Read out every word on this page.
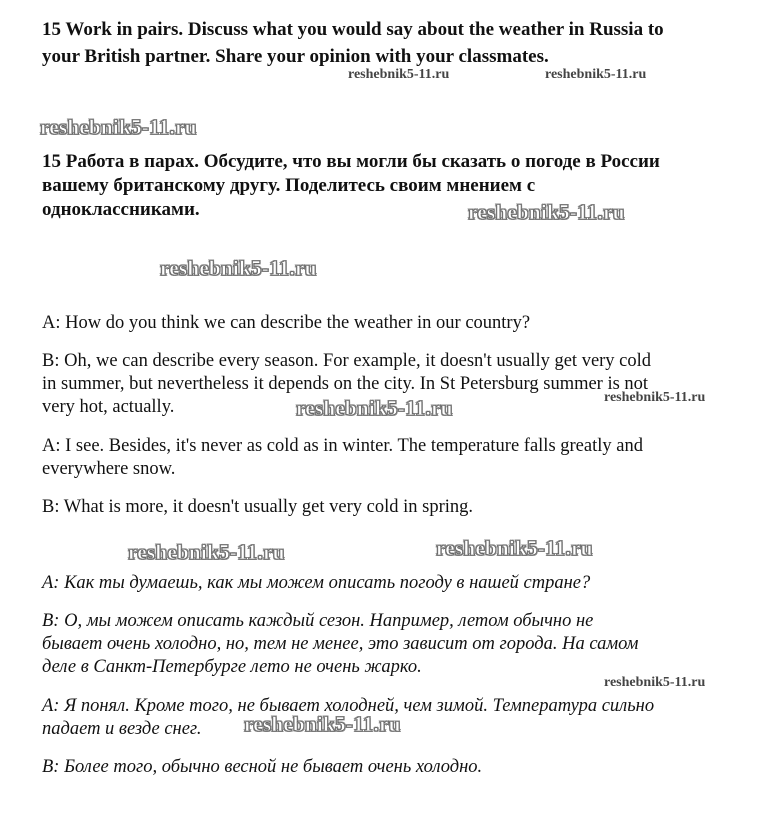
15 Work in pairs. Discuss what you would say about the weather in Russia to
your British partner. Share your opinion with your classmates.
15 Работа в парах. Обсудите, что вы могли бы сказать о погоде в России
вашему британскому другу. Поделитесь своим мнением с
одноклассниками.
A: How do you think we can describe the weather in our country?
B: Oh, we can describe every season. For example, it doesn't usually get very cold
in summer, but nevertheless it depends on the city. In St Petersburg summer is not
very hot, actually.
A: I see. Besides, it's never as cold as in winter. The temperature falls greatly and
everywhere snow.
B: What is more, it doesn't usually get very cold in spring.
А: Как ты думаешь, как мы можем описать погоду в нашей стране?
В: О, мы можем описать каждый сезон. Например, летом обычно не
бывает очень холодно, но, тем не менее, это зависит от города. На самом
деле в Санкт-Петербурге лето не очень жарко.
А: Я понял. Кроме того, не бывает холодней, чем зимой. Температура сильно
падает и везде снег.
В: Более того, обычно весной не бывает очень холодно.
reshebnik5-11.ru	reshebnik5-11.ru
reshebnik5-11.ru
reshebnik5-11.ru
reshebnik5-11.ru
reshebnik5-11.ru	reshebnik5-11.ru
reshebnik5-11.ru	reshebnik5-11.ru
reshebnik5-11.ru
reshebnik5-11.ru
